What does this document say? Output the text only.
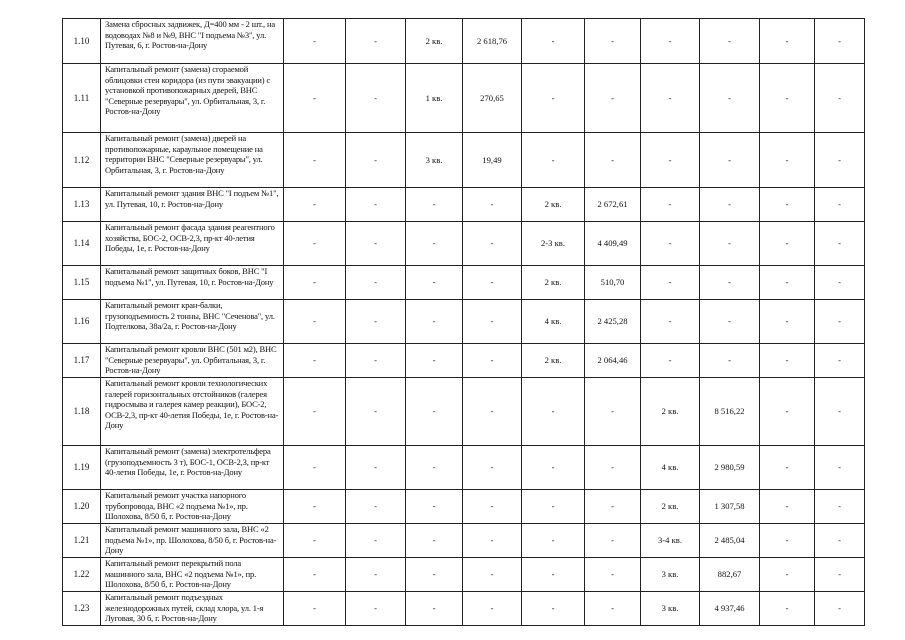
1.10	Замена сбросных задвижек, Д=400 мм - 2 шт., на водоводах №8 и №9, ВНС "I подъема №3", ул. Путевая, 6, г. Ростов-на-Дону	-	-	2 кв.	2 618,76	-	-	-	-	-	-
1.11	Капитальный ремонт (замена) сгораемой облицовки стен коридора (из пути эвакуации) с установкой противопожарных дверей, ВНС "Северные резервуары", ул. Орбитальная, 3, г. Ростов-на-Дону	-	-	1 кв.	270,65	-	-	-	-	-	-
1.12	Капитальный ремонт (замена) дверей на противопожарные, караульное помещение на территории ВНС "Северные резервуары", ул. Орбитальная, 3, г. Ростов-на-Дону	-	-	3 кв.	19,49	-	-	-	-	-	-
1.13	Капитальный ремонт здания ВНС "I подъем №1", ул. Путевая, 10, г. Ростов-на-Дону	-	-	-	-	2 кв.	2 672,61	-	-	-	-
1.14	Капитальный ремонт фасада здания реагентного хозяйства, БОС-2, ОСВ-2,3, пр-кт 40-летия Победы, 1е, г. Ростов-на-Дону	-	-	-	-	2-3 кв.	4 409,49	-	-	-	-
1.15	Капитальный ремонт защитных боков, ВНС "I подъема №1", ул. Путевая, 10, г. Ростов-на-Дону	-	-	-	-	2 кв.	510,70	-	-	-	-
1.16	Капитальный ремонт кран-балки, грузоподъемность 2 тонны, ВНС "Сеченова", ул. Подтелкова, 38а/2а, г. Ростов-на-Дону	-	-	-	-	4 кв.	2 425,28	-	-	-	-
1.17	Капитальный ремонт кровли ВНС (501 м2), ВНС "Северные резервуары", ул. Орбитальная, 3, г. Ростов-на-Дону	-	-	-	-	2 кв.	2 064,46	-	-	-	-
1.18	Капитальный ремонт кровли технологических галерей горизонтальных отстойников (галерея гидросмыва и галерея камер реакции), БОС-2, ОСВ-2,3, пр-кт 40-летия Победы, 1е, г. Ростов-на-Дону	-	-	-	-	-	-	2 кв.	8 516,22	-	-
1.19	Капитальный ремонт (замена) электротельфера (грузоподъемность 3 т), БОС-1, ОСВ-2,3, пр-кт 40-летия Победы, 1е, г. Ростов-на-Дону	-	-	-	-	-	-	4 кв.	2 980,59	-	-
1.20	Капитальный ремонт участка напорного трубопровода, ВНС «2 подъема №1», пр. Шолохова, 8/50 б, г. Ростов-на-Дону	-	-	-	-	-	-	2 кв.	1 307,58	-	-
1.21	Капитальный ремонт машинного зала, ВНС «2 подъема №1», пр. Шолохова, 8/50 б, г. Ростов-на-Дону	-	-	-	-	-	-	3-4 кв.	2 485,04	-	-
1.22	Капитальный ремонт перекрытий пола машинного зала, ВНС «2 подъема №1», пр. Шолохова, 8/50 б, г. Ростов-на-Дону	-	-	-	-	-	-	3 кв.	882,67	-	-
1.23	Капитальный ремонт подъездных железнодорожных путей, склад хлора, ул. 1-я Луговая, 30 б, г. Ростов-на-Дону	-	-	-	-	-	-	3 кв.	4 937,46	-	-
